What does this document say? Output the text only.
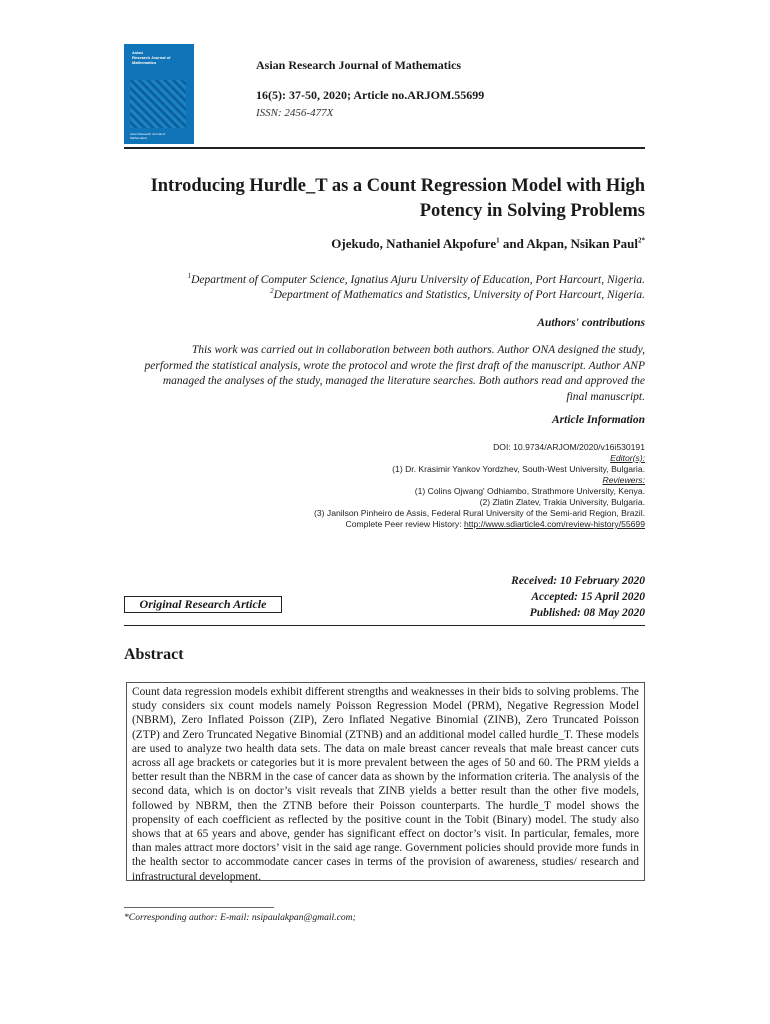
Asian
Research Journal of
Mathematics
Asian Research Journal of Mathematics
Asian Research Journal of Mathematics
16(5): 37-50, 2020; Article no.ARJOM.55699
ISSN: 2456-477X
Introducing Hurdle_T as a Count Regression Model with High
Potency in Solving Problems
Ojekudo, Nathaniel Akpofure$^1$ and Akpan, Nsikan Paul$^{2*}$
$^1$Department of Computer Science, Ignatius Ajuru University of Education, Port Harcourt, Nigeria.
$^2$Department of Mathematics and Statistics, University of Port Harcourt, Nigeria.
Authors' contributions
This work was carried out in collaboration between both authors. Author ONA designed the study,
performed the statistical analysis, wrote the protocol and wrote the first draft of the manuscript. Author ANP
managed the analyses of the study, managed the literature searches. Both authors read and approved the
final manuscript.
Article Information
DOI: 10.9734/ARJOM/2020/v16i530191
Editor(s):
(1) Dr. Krasimir Yankov Yordzhev, South-West University, Bulgaria.
Reviewers:
(1) Colins Ojwang' Odhiambo, Strathmore University, Kenya.
(2) Zlatin Zlatev, Trakia University, Bulgaria.
(3) Janilson Pinheiro de Assis, Federal Rural University of the Semi-arid Region, Brazil.
Complete Peer review History: http://www.sdiarticle4.com/review-history/55699
Received: 10 February 2020
Accepted: 15 April 2020
Published: 08 May 2020
Original Research Article
Abstract
Count data regression models exhibit different strengths and weaknesses in their bids to solving problems. The study considers six count models namely Poisson Regression Model (PRM), Negative Regression Model (NBRM), Zero Inflated Poisson (ZIP), Zero Inflated Negative Binomial (ZINB), Zero Truncated Poisson (ZTP) and Zero Truncated Negative Binomial (ZTNB) and an additional model called hurdle_T. These models are used to analyze two health data sets. The data on male breast cancer reveals that male breast cancer cuts across all age brackets or categories but it is more prevalent between the ages of 50 and 60. The PRM yields a better result than the NBRM in the case of cancer data as shown by the information criteria. The analysis of the second data, which is on doctor’s visit reveals that ZINB yields a better result than the other five models, followed by NBRM, then the ZTNB before their Poisson counterparts. The hurdle_T model shows the propensity of each coefficient as reflected by the positive count in the Tobit (Binary) model. The study also shows that at 65 years and above, gender has significant effect on doctor’s visit. In particular, females, more than males attract more doctors’ visit in the said age range. Government policies should provide more funds in the health sector to accommodate cancer cases in terms of the provision of awareness, studies/ research and infrastructural development.
*Corresponding author: E-mail: nsipaulakpan@gmail.com;
